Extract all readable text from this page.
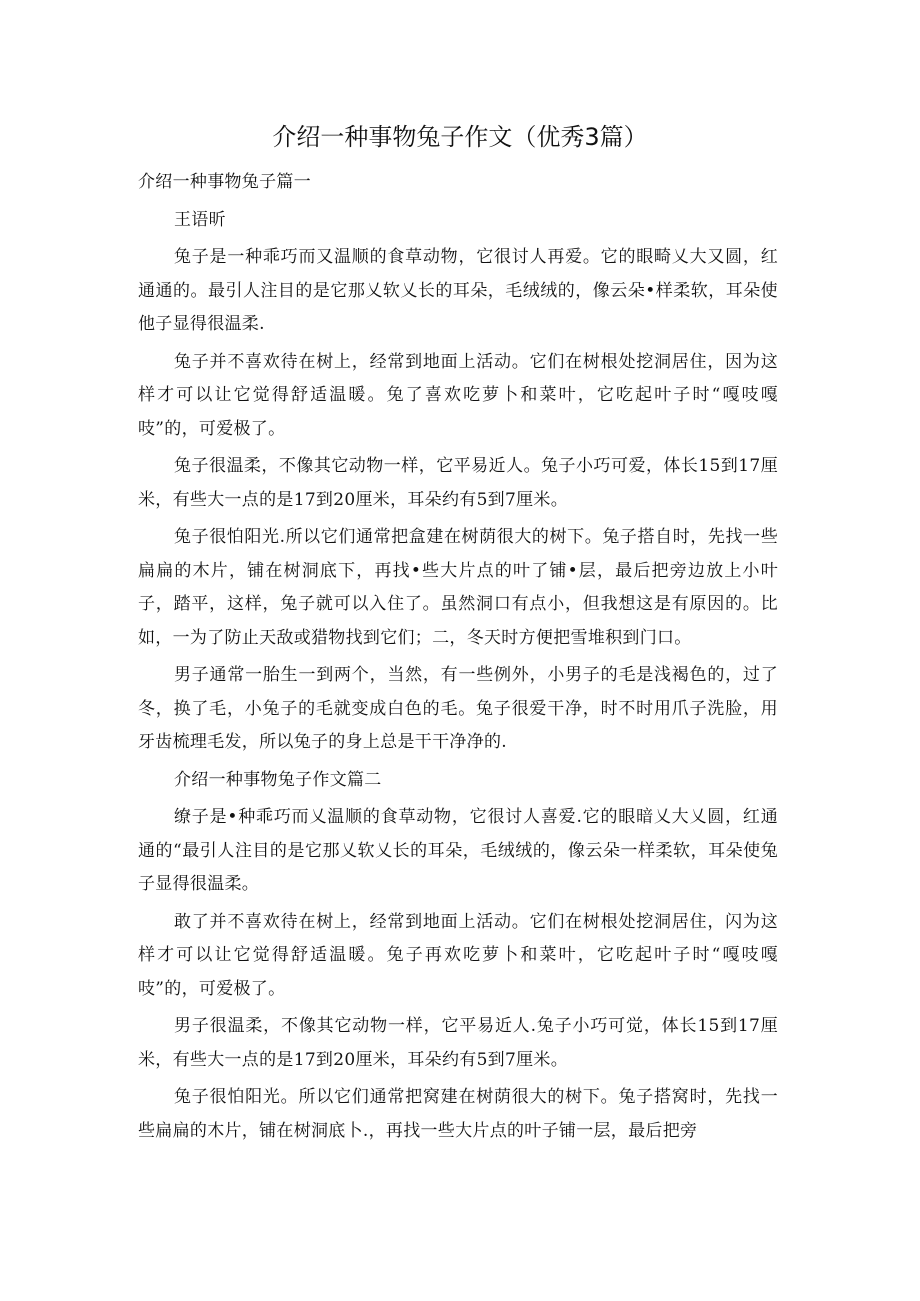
介绍一种事物兔子作文（优秀3篇）

介绍一种事物兔子篇一

王语昕

兔子是一种乖巧而又温顺的食草动物，它很讨人再爱。它的眼畸乂大又圆，红通通的。最引人注目的是它那乂软乂长的耳朵，毛绒绒的，像云朵•样柔软，耳朵使他子显得很温柔.

兔子并不喜欢待在树上，经常到地面上活动。它们在树根处挖洞居住，因为这样才可以让它觉得舒适温暖。兔了喜欢吃萝卜和菜叶，它吃起叶子时“嘎吱嘎吱”的，可爱极了。

兔子很温柔，不像其它动物一样，它平易近人。兔子小巧可爱，体长15到17厘米，有些大一点的是17到20厘米，耳朵约有5到7厘米。

兔子很怕阳光.所以它们通常把盒建在树荫很大的树下。兔子搭自时，先找一些扁扁的木片，铺在树洞底下，再找•些大片点的叶了铺•层，最后把旁边放上小叶子，踏平，这样，兔子就可以入住了。虽然洞口有点小，但我想这是有原因的。比如，一为了防止天敌或猎物找到它们；二，冬天时方便把雪堆积到门口。

男子通常一胎生一到两个，当然，有一些例外，小男子的毛是浅褐色的，过了冬，换了毛，小兔子的毛就变成白色的毛。兔子很爱干净，时不时用爪子洗脸，用牙齿梳理毛发，所以兔子的身上总是干干净净的.

介绍一种事物兔子作文篇二

缭子是•种乖巧而乂温顺的食草动物，它很讨人喜爱.它的眼暗乂大乂圆，红通通的“最引人注目的是它那乂软乂长的耳朵，毛绒绒的，像云朵一样柔软，耳朵使兔子显得很温柔。

敢了并不喜欢待在树上，经常到地面上活动。它们在树根处挖洞居住，闪为这样才可以让它觉得舒适温暖。兔子再欢吃萝卜和菜叶，它吃起叶子时“嘎吱嘎吱”的，可爱极了。

男子很温柔，不像其它动物一样，它平易近人.兔子小巧可觉，体长15到17厘米，有些大一点的是17到20厘米，耳朵约有5到7厘米。

兔子很怕阳光。所以它们通常把窝建在树荫很大的树下。兔子搭窝时，先找一些扁扁的木片，铺在树洞底卜.，再找一些大片点的叶子铺一层，最后把旁
